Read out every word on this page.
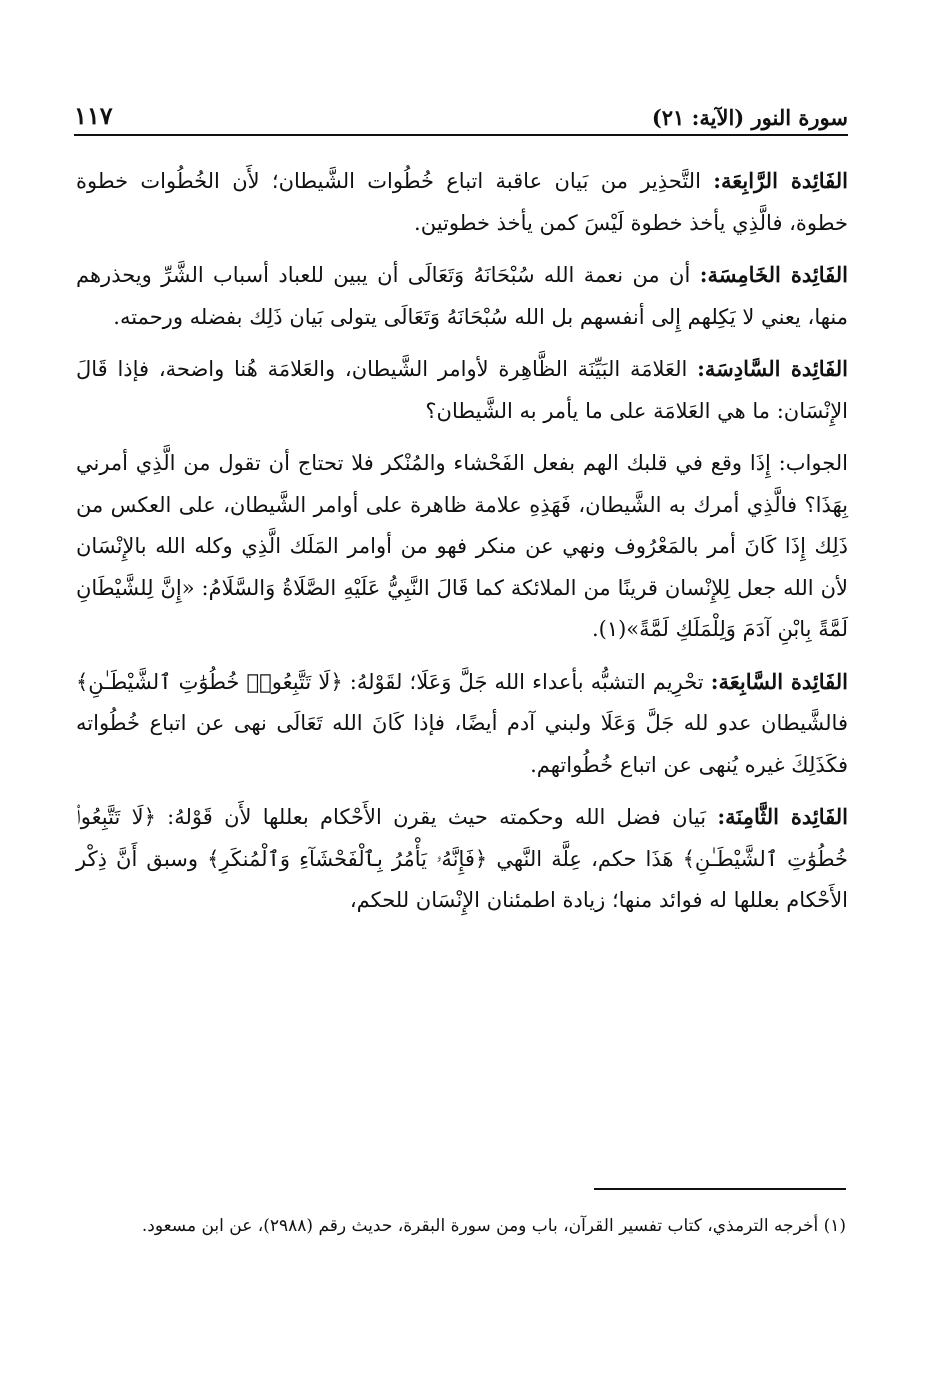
سورة النور (الآية: ٢١)
١١٧

الفَائِدة الرَّابِعَة: التَّحذِير من بَيان عاقبة اتباع خُطُوات الشَّيطان؛ لأَن الخُطُوات خطوة خطوة، فالَّذِي يأخذ خطوة لَيْسَ كمن يأخذ خطوتين.

الفَائِدة الخَامِسَة: أن من نعمة الله سُبْحَانَهُ وَتَعَالَى أن يبين للعباد أسباب الشَّرِّ ويحذرهم منها، يعني لا يَكِلهم إِلى أنفسهم بل الله سُبْحَانَهُ وَتَعَالَى يتولى بَيان ذَلِك بفضله ورحمته.

الفَائِدة السَّادِسَة: العَلامَة البَيِّنَة الظَّاهِرة لأوامر الشَّيطان، والعَلامَة هُنا واضحة، فإذا قَالَ الإِنْسَان: ما هي العَلامَة على ما يأمر به الشَّيطان؟

الجواب: إِذَا وقع في قلبك الهم بفعل الفَحْشاء والمُنْكر فلا تحتاج أن تقول من الَّذِي أمرني بِهَذَا؟ فالَّذِي أمرك به الشَّيطان، فَهَذِهِ علامة ظاهرة على أوامر الشَّيطان، على العكس من ذَلِك إِذَا كَانَ أمر بالمَعْرُوف ونهي عن منكر فهو من أوامر المَلَك الَّذِي وكله الله بالإِنْسَان لأن الله جعل لِلإِنْسان قرينًا من الملائكة كما قَالَ النَّبِيُّ عَلَيْهِ الصَّلَاةُ وَالسَّلَامُ: «إِنَّ لِلشَّيْطَانِ لَمَّةً بِابْنِ آدَمَ وَلِلْمَلَكِ لَمَّةً»(١).

الفَائِدة السَّابِعَة: تحْرِيم التشبُّه بأعداء الله جَلَّ وَعَلَا؛ لقَوْلهُ: ﴿لَا تَتَّبِعُوا۟ خُطُوَٰتِ ٱلشَّيْطَـٰنِ﴾ فالشَّيطان عدو لله جَلَّ وَعَلَا ولبني آدم أيضًا، فإذا كَانَ الله تَعَالَى نهى عن اتباع خُطُواته فكَذَلِكَ غيره يُنهى عن اتباع خُطُواتهم.

الفَائِدة الثَّامِنَة: بَيان فضل الله وحكمته حيث يقرن الأَحْكام بعللها لأَن قَوْلهُ: ﴿لَا تَتَّبِعُوا۟ خُطُوَٰتِ ٱلشَّيْطَـٰنِ﴾ هَذَا حكم، عِلَّة النَّهي ﴿فَإِنَّهُۥ يَأْمُرُ بِٱلْفَحْشَآءِ وَٱلْمُنكَرِ﴾ وسبق أَنَّ ذِكْر الأَحْكام بعللها له فوائد منها؛ زيادة اطمئنان الإِنْسَان للحكم،

(١) أخرجه الترمذي، كتاب تفسير القرآن، باب ومن سورة البقرة، حديث رقم (٢٩٨٨)، عن ابن مسعود.
